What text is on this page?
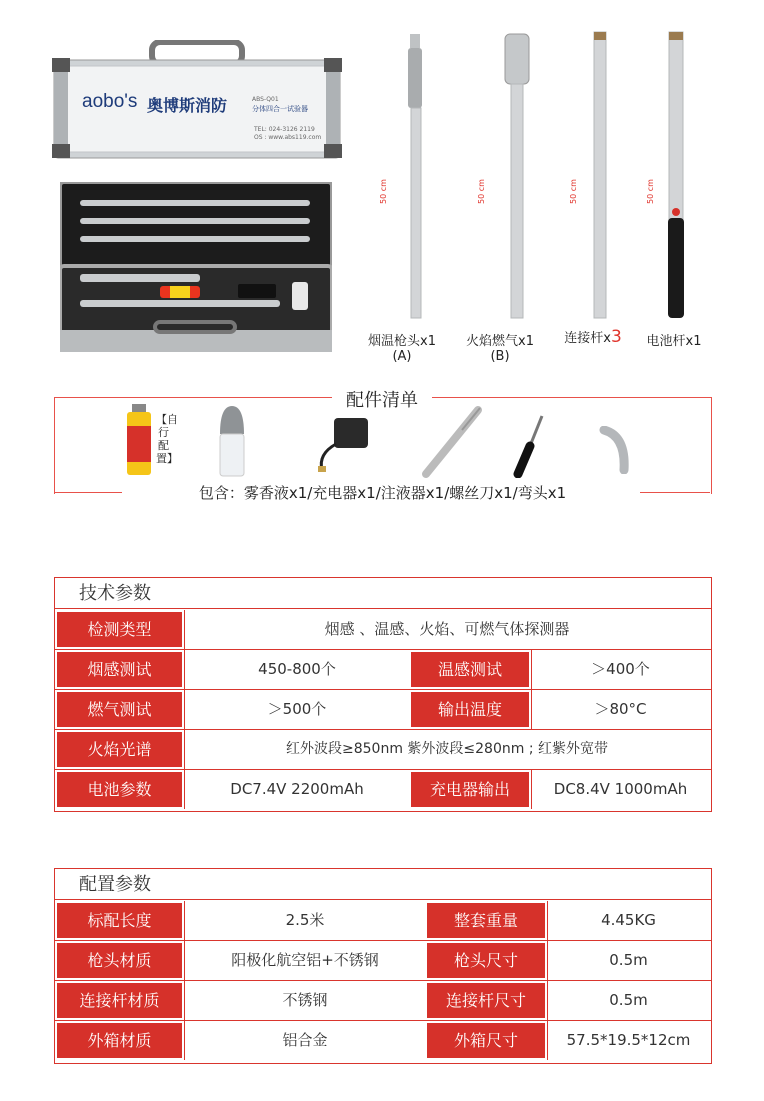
aobo's 奥博斯消防	ABS-Q01
分体四合一试验器
TEL: 024-3126 2119
OS : www.abs119.com
50 cm	50 cm	50 cm	50 cm
烟温枪头x1
(A)
火焰燃气x1
(B)
连接杆x3	电池杆x1
配件清单
【自行配置】
包含：雾香液x1/充电器x1/注液器x1/螺丝刀x1/弯头x1
技术参数
检测类型	烟感 、温感、火焰、可燃气体探测器
烟感测试	450-800个	温感测试	＞400个
燃气测试	＞500个	输出温度	＞80°C
火焰光谱	红外波段≥850nm 紫外波段≤280nm ; 红紫外宽带
电池参数	DC7.4V 2200mAh	充电器输出	DC8.4V 1000mAh
配置参数
标配长度	2.5米	整套重量	4.45KG
枪头材质	阳极化航空铝+不锈钢	枪头尺寸	0.5m
连接杆材质	不锈钢	连接杆尺寸	0.5m
外箱材质	铝合金	外箱尺寸	57.5*19.5*12cm
